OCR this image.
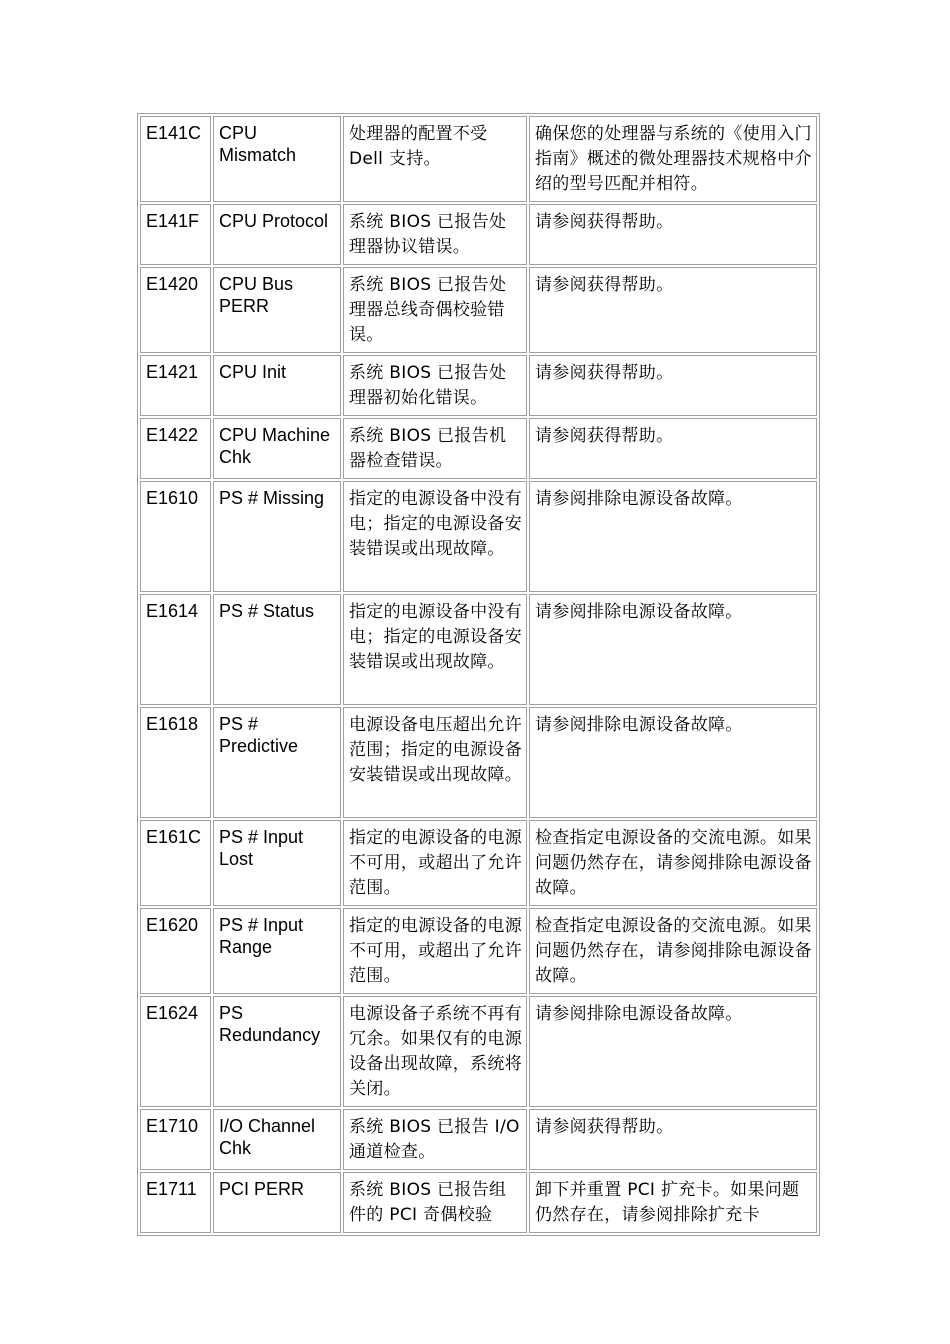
E141C	CPU Mismatch	处理器的配置不受 Dell 支持。	确保您的处理器与系统的《使用入门指南》概述的微处理器技术规格中介绍的型号匹配并相符。
E141F	CPU Protocol	系统 BIOS 已报告处理器协议错误。	请参阅获得帮助。
E1420	CPU Bus PERR	系统 BIOS 已报告处理器总线奇偶校验错误。	请参阅获得帮助。
E1421	CPU Init	系统 BIOS 已报告处理器初始化错误。	请参阅获得帮助。
E1422	CPU Machine Chk	系统 BIOS 已报告机器检查错误。	请参阅获得帮助。
E1610	PS # Missing	指定的电源设备中没有电；指定的电源设备安装错误或出现故障。	请参阅排除电源设备故障。
E1614	PS # Status	指定的电源设备中没有电；指定的电源设备安装错误或出现故障。	请参阅排除电源设备故障。
E1618	PS # Predictive	电源设备电压超出允许范围；指定的电源设备安装错误或出现故障。	请参阅排除电源设备故障。
E161C	PS # Input Lost	指定的电源设备的电源不可用，或超出了允许范围。	检查指定电源设备的交流电源。如果问题仍然存在，请参阅排除电源设备故障。
E1620	PS # Input Range	指定的电源设备的电源不可用，或超出了允许范围。	检查指定电源设备的交流电源。如果问题仍然存在，请参阅排除电源设备故障。
E1624	PS Redundancy	电源设备子系统不再有冗余。如果仅有的电源设备出现故障，系统将关闭。	请参阅排除电源设备故障。
E1710	I/O Channel Chk	系统 BIOS 已报告 I/O 通道检查。	请参阅获得帮助。
E1711	PCI PERR	系统 BIOS 已报告组件的 PCI 奇偶校验	卸下并重置 PCI 扩充卡。如果问题仍然存在，请参阅排除扩充卡
